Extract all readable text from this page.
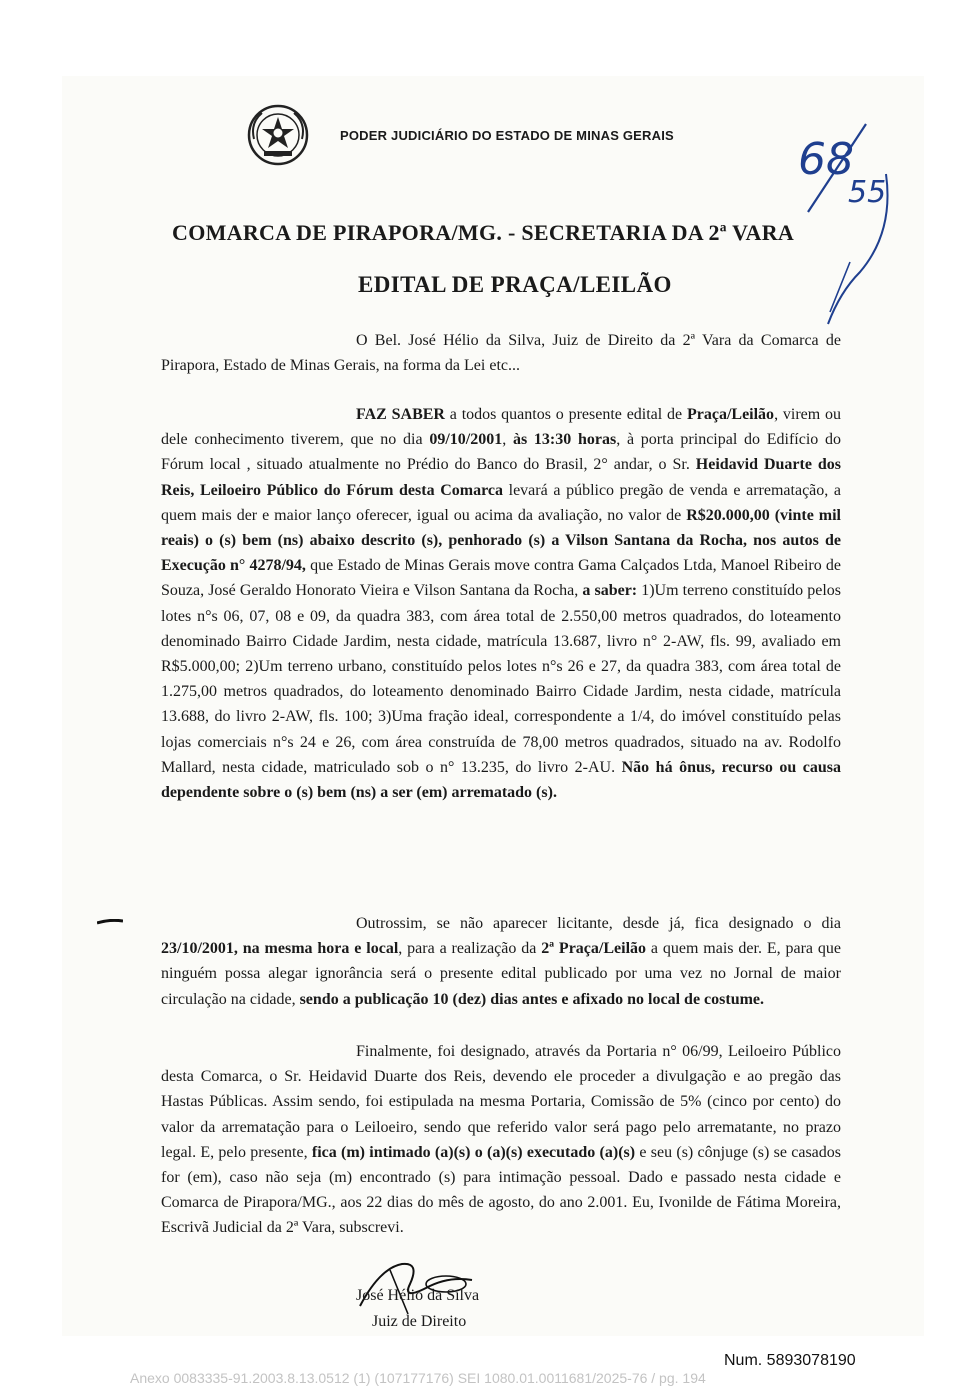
PODER JUDICIÁRIO DO ESTADO DE MINAS GERAIS
COMARCA DE PIRAPORA/MG. - SECRETARIA DA 2ª VARA
EDITAL DE PRAÇA/LEILÃO
68
55

O Bel. José Hélio da Silva, Juiz de Direito da 2ª Vara da Comarca de Pirapora, Estado de Minas Gerais, na forma da Lei etc...

FAZ SABER a todos quantos o presente edital de Praça/Leilão, virem ou dele conhecimento tiverem, que no dia 09/10/2001, às 13:30 horas, à porta principal do Edifício do Fórum local , situado atualmente no Prédio do Banco do Brasil, 2° andar, o Sr. Heidavid Duarte dos Reis, Leiloeiro Público do Fórum desta Comarca levará a público pregão de venda e arrematação, a quem mais der e maior lanço oferecer, igual ou acima da avaliação, no valor de R$20.000,00 (vinte mil reais) o (s) bem (ns) abaixo descrito (s), penhorado (s) a Vilson Santana da Rocha, nos autos de Execução n° 4278/94, que Estado de Minas Gerais move contra Gama Calçados Ltda, Manoel Ribeiro de Souza, José Geraldo Honorato Vieira e Vilson Santana da Rocha, a saber: 1)Um terreno constituído pelos lotes n°s 06, 07, 08 e 09, da quadra 383, com área total de 2.550,00 metros quadrados, do loteamento denominado Bairro Cidade Jardim, nesta cidade, matrícula 13.687, livro n° 2-AW, fls. 99, avaliado em R$5.000,00; 2)Um terreno urbano, constituído pelos lotes n°s 26 e 27, da quadra 383, com área total de 1.275,00 metros quadrados, do loteamento denominado Bairro Cidade Jardim, nesta cidade, matrícula 13.688, do livro 2-AW, fls. 100; 3)Uma fração ideal, correspondente a 1/4, do imóvel constituído pelas lojas comerciais n°s 24 e 26, com área construída de 78,00 metros quadrados, situado na av. Rodolfo Mallard, nesta cidade, matriculado sob o n° 13.235, do livro 2-AU. Não há ônus, recurso ou causa dependente sobre o (s) bem (ns) a ser (em) arrematado (s).

Outrossim, se não aparecer licitante, desde já, fica designado o dia 23/10/2001, na mesma hora e local, para a realização da 2ª Praça/Leilão a quem mais der. E, para que ninguém possa alegar ignorância será o presente edital publicado por uma vez no Jornal de maior circulação na cidade, sendo a publicação 10 (dez) dias antes e afixado no local de costume.

Finalmente, foi designado, através da Portaria n° 06/99, Leiloeiro Público desta Comarca, o Sr. Heidavid Duarte dos Reis, devendo ele proceder a divulgação e ao pregão das Hastas Públicas. Assim sendo, foi estipulada na mesma Portaria, Comissão de 5% (cinco por cento) do valor da arrematação para o Leiloeiro, sendo que referido valor será pago pelo arrematante, no prazo legal. E, pelo presente, fica (m) intimado (a)(s) o (a)(s) executado (a)(s) e seu (s) cônjuge (s) se casados for (em), caso não seja (m) encontrado (s) para intimação pessoal. Dado e passado nesta cidade e Comarca de Pirapora/MG., aos 22 dias do mês de agosto, do ano 2.001. Eu, Ivonilde de Fátima Moreira, Escrivã Judicial da 2ª Vara, subscrevi.

José Hélio da Silva
Juiz de Direito
Num. 5893078190
Anexo 0083335-91.2003.8.13.0512 (1) (107177176) SEI 1080.01.0011681/2025-76 / pg. 194
